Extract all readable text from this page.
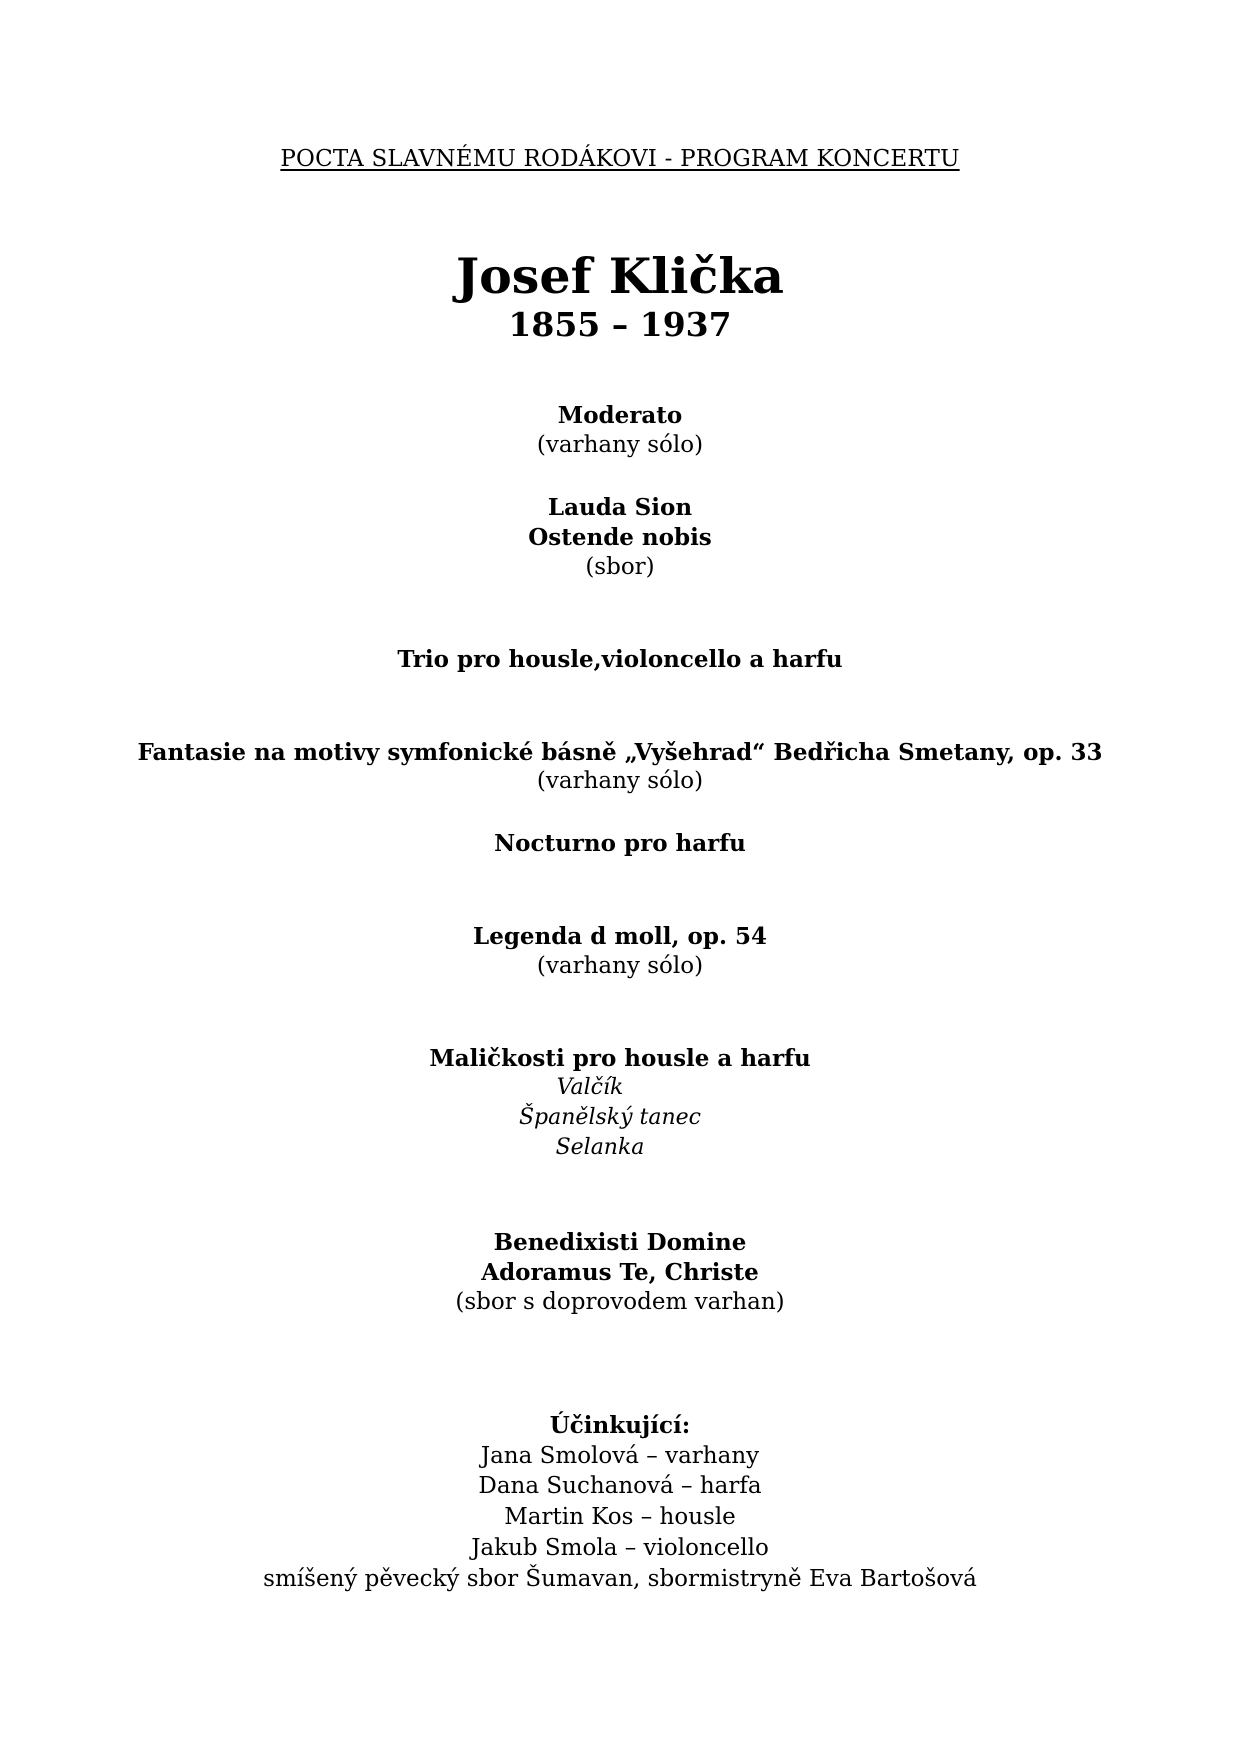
POCTA SLAVNÉMU RODÁKOVI - PROGRAM KONCERTU
Josef Klička
1855 – 1937
Moderato
(varhany sólo)
Lauda Sion
Ostende nobis
(sbor)
Trio pro housle,violoncello a harfu
Fantasie na motivy symfonické básně „Vyšehrad“ Bedřicha Smetany, op. 33
(varhany sólo)
Nocturno pro harfu
Legenda d moll, op. 54
(varhany sólo)
Maličkosti pro housle a harfu
Valčík
Španělský tanec
Selanka
Benedixisti Domine
Adoramus Te, Christe
(sbor s doprovodem varhan)
Účinkující:
Jana Smolová – varhany
Dana Suchanová – harfa
Martin Kos – housle
Jakub Smola – violoncello
smíšený pěvecký sbor Šumavan, sbormistryně Eva Bartošová
